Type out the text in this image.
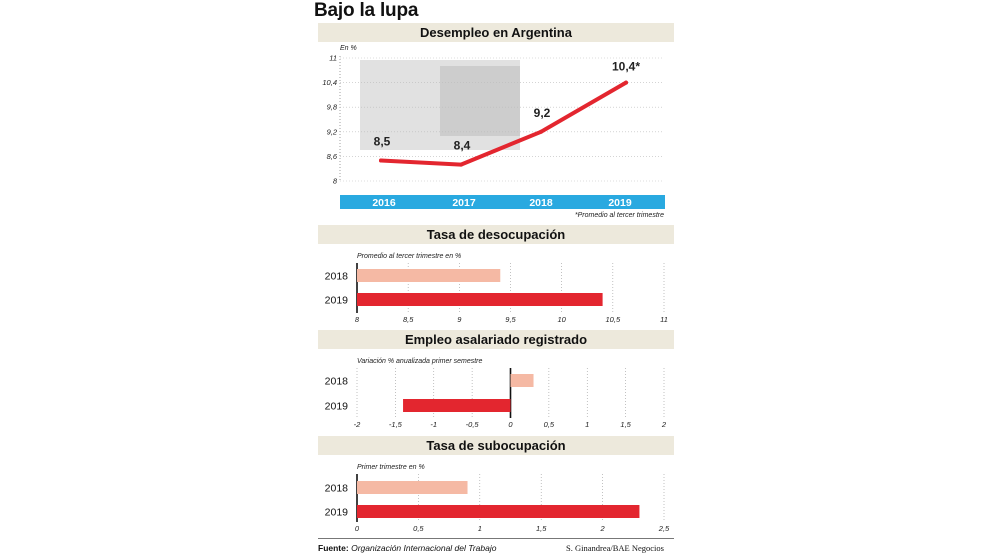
Bajo la lupa
Desempleo en Argentina
Tasa de desocupación
Empleo asalariado registrado
Tasa de subocupación
En %
11
10,4
9,8
9,2
8,6
8
8,5	8,4
9,2
10,4*
2016	2017	2018	2019
*Promedio al tercer trimestre
Promedio al tercer trimestre en %
8	8,5	9	9,5	10	10,5	11
2018
2019
Variación % anualizada primer semestre
-2	-1,5	-1	-0,5	0	0,5	1	1,5	2
2018
2019
Primer trimestre en %
0	0,5	1	1,5	2	2,5
2018
2019
Fuente: Organización Internacional del Trabajo	S. Ginandrea/BAE Negocios
